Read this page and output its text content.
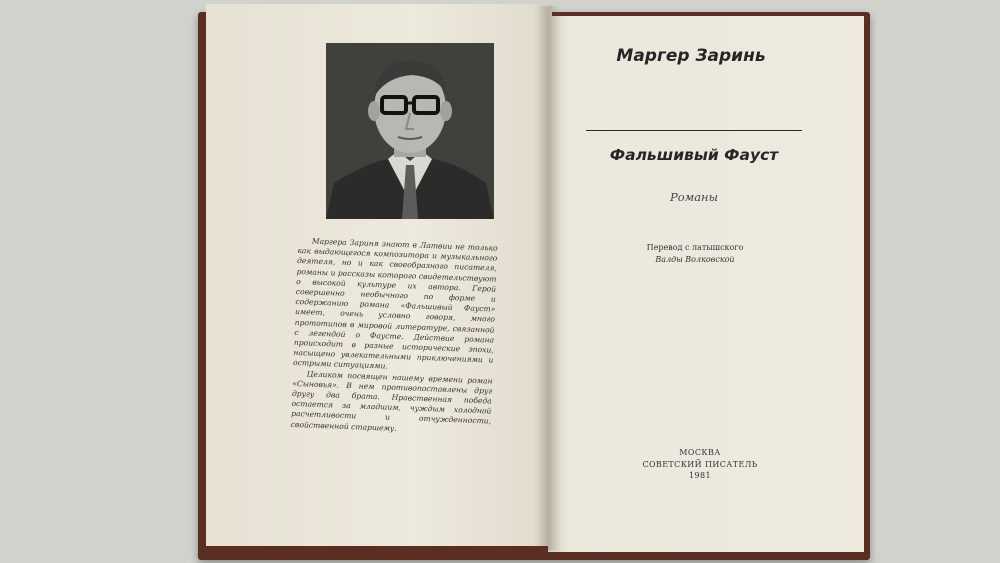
Маргера Зариня знают в Латвии не только как выдающегося композитора и музыкального деятеля, но и как своеобразного писателя, романы и рассказы которого свидетельствуют о высокой культуре их автора. Герой совершенно необычного по форме и содержанию романа «Фальшивый Фауст» имеет, очень условно говоря, много прототипов в мировой литературе, связанной с легендой о Фаусте. Действие романа происходит в разные исторические эпохи, насыщено увлекательными приключениями и острыми ситуациями.

Целиком посвящен нашему времени роман «Сыновья». В нем противопоставлены друг другу два брата. Нравственная победа остается за младшим, чуждым холодной расчетливости и отчужденности, свойственной старшему.

Маргер Заринь
Фальшивый Фауст
Романы
Перевод с латышского
Валды Волковской
МОСКВА
СОВЕТСКИЙ ПИСАТЕЛЬ
1981
